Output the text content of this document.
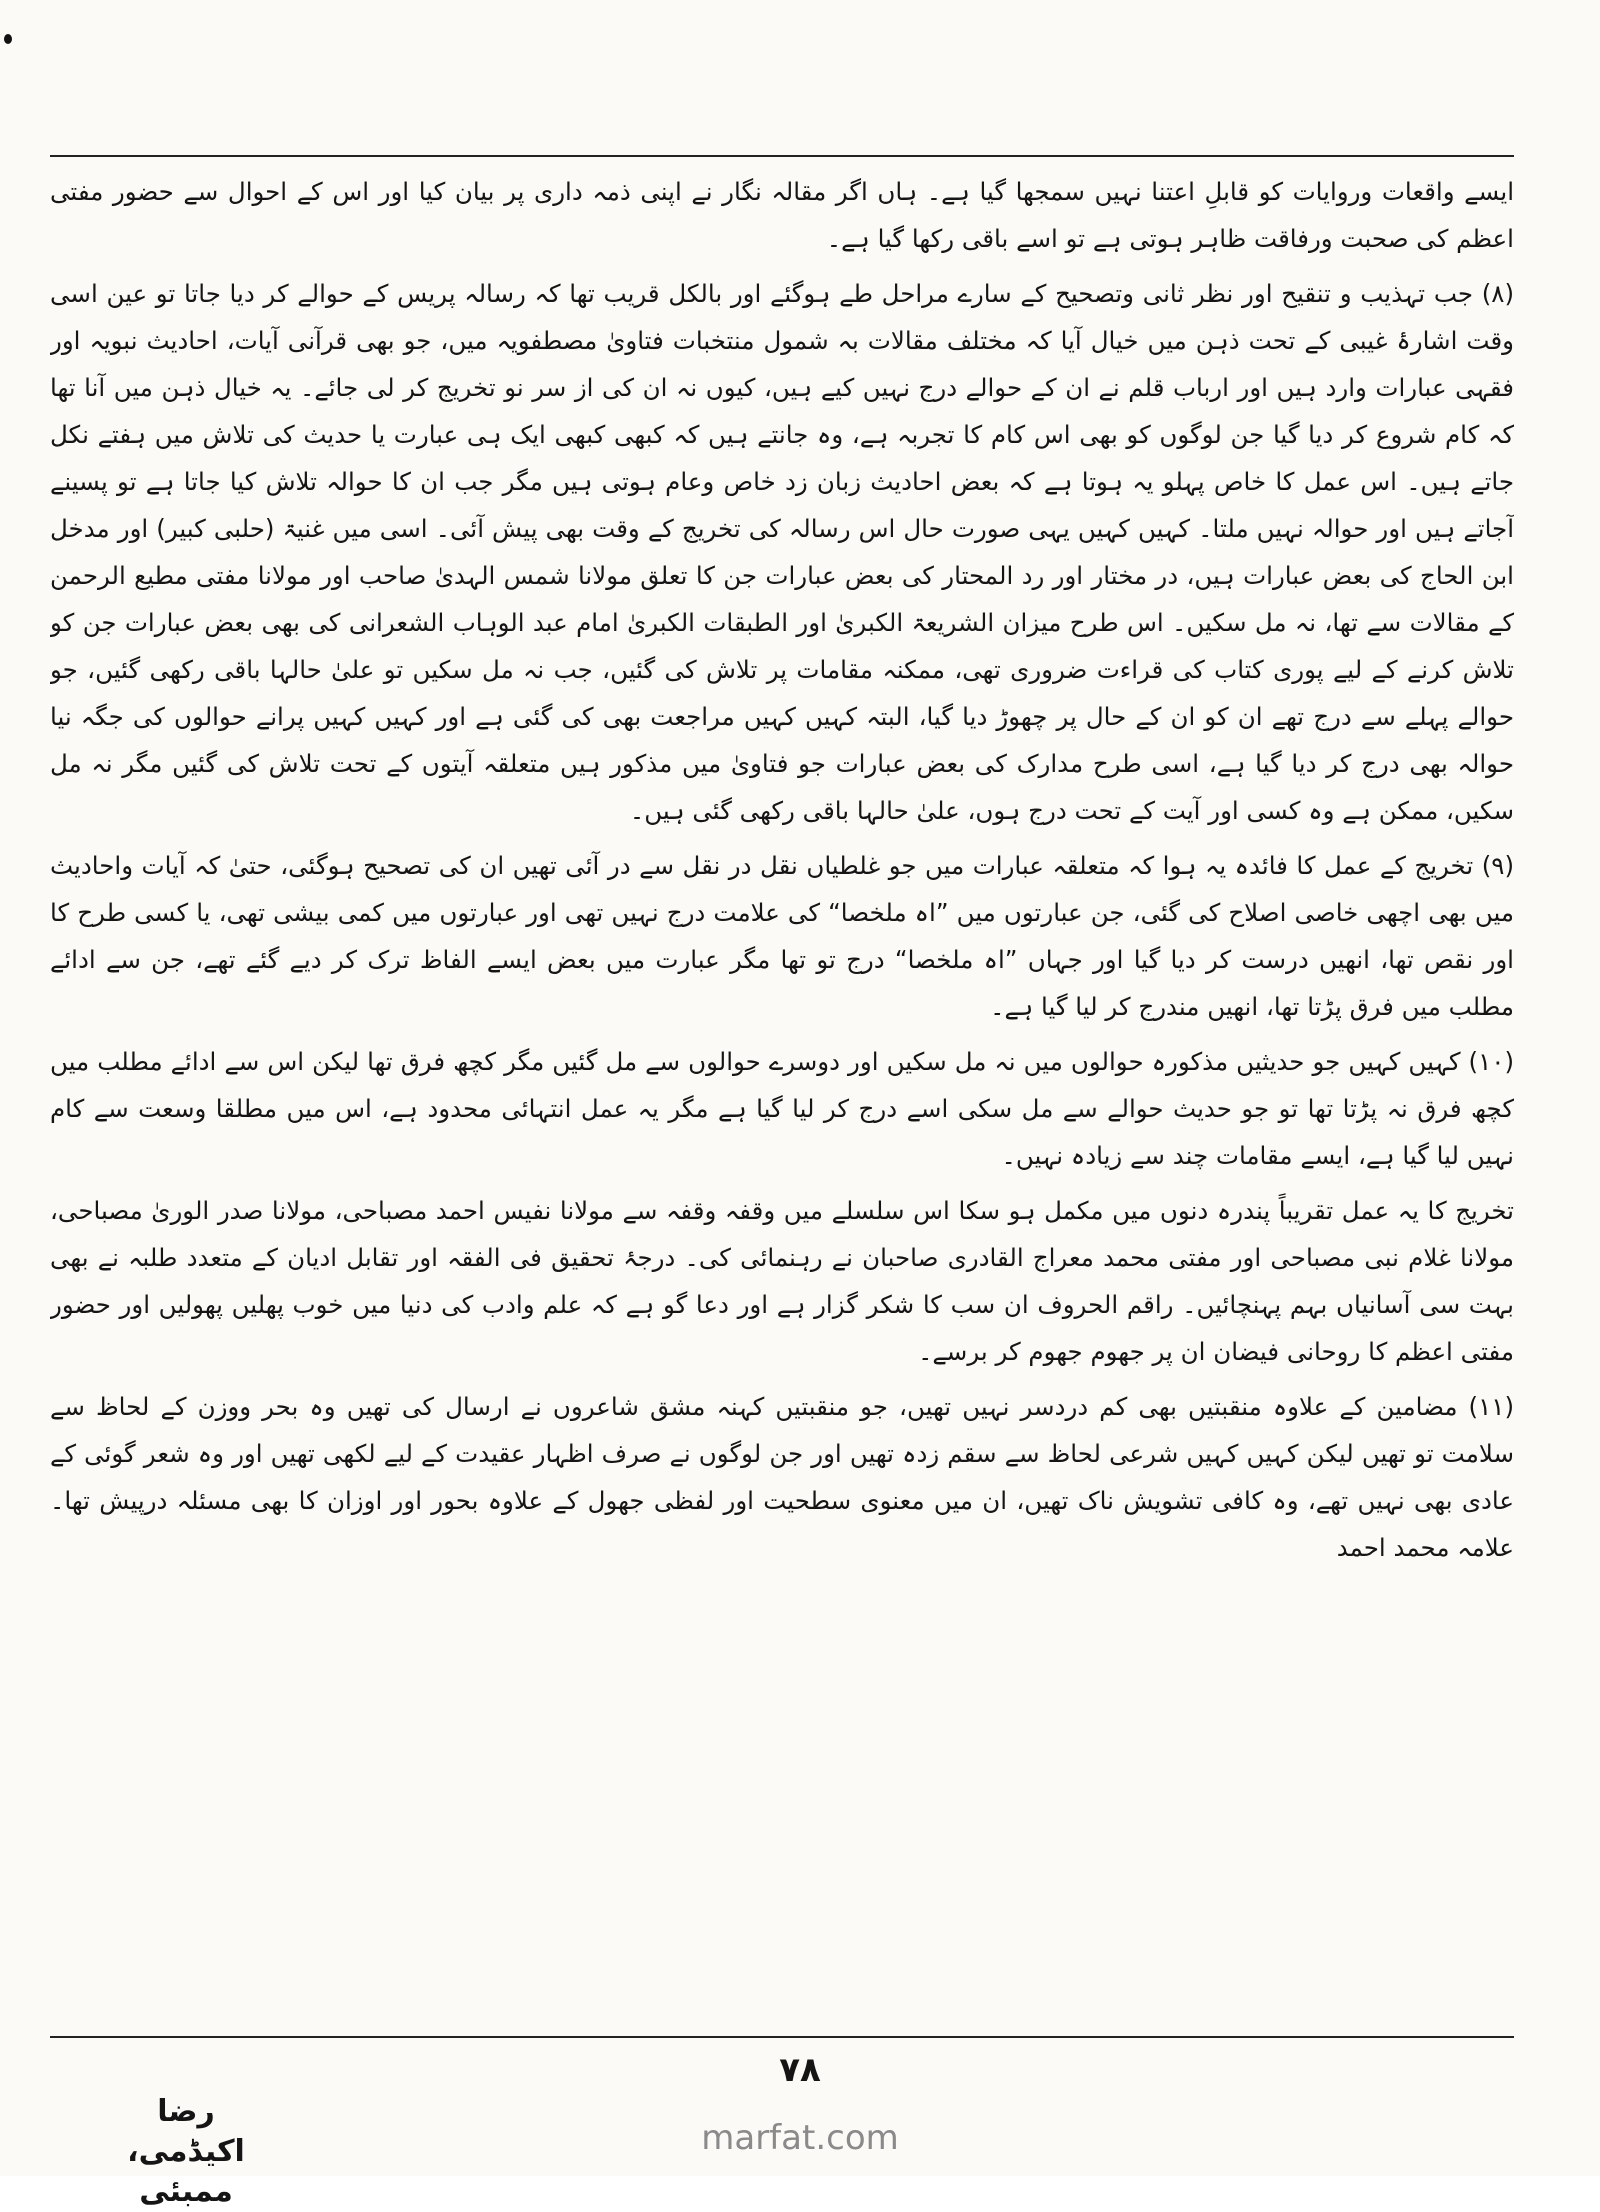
ایسے واقعات وروایات کو قابلِ اعتنا نہیں سمجھا گیا ہے۔ ہاں اگر مقالہ نگار نے اپنی ذمہ داری پر بیان کیا اور اس کے احوال سے حضور مفتی اعظم کی صحبت ورفاقت ظاہر ہوتی ہے تو اسے باقی رکھا گیا ہے۔

(۸) جب تہذیب و تنقیح اور نظر ثانی وتصحیح کے سارے مراحل طے ہوگئے اور بالکل قریب تھا کہ رسالہ پریس کے حوالے کر دیا جاتا تو عین اسی وقت اشارۂ غیبی کے تحت ذہن میں خیال آیا کہ مختلف مقالات بہ شمول منتخبات فتاویٰ مصطفویہ میں، جو بھی قرآنی آیات، احادیث نبویہ اور فقہی عبارات وارد ہیں اور ارباب قلم نے ان کے حوالے درج نہیں کیے ہیں، کیوں نہ ان کی از سر نو تخریج کر لی جائے۔ یہ خیال ذہن میں آنا تھا کہ کام شروع کر دیا گیا جن لوگوں کو بھی اس کام کا تجربہ ہے، وہ جانتے ہیں کہ کبھی کبھی ایک ہی عبارت یا حدیث کی تلاش میں ہفتے نکل جاتے ہیں۔ اس عمل کا خاص پہلو یہ ہوتا ہے کہ بعض احادیث زبان زد خاص وعام ہوتی ہیں مگر جب ان کا حوالہ تلاش کیا جاتا ہے تو پسینے آجاتے ہیں اور حوالہ نہیں ملتا۔ کہیں کہیں یہی صورت حال اس رسالہ کی تخریج کے وقت بھی پیش آئی۔ اسی میں غنیۃ (حلبی کبیر) اور مدخل ابن الحاج کی بعض عبارات ہیں، در مختار اور رد المحتار کی بعض عبارات جن کا تعلق مولانا شمس الہدیٰ صاحب اور مولانا مفتی مطیع الرحمن کے مقالات سے تھا، نہ مل سکیں۔ اس طرح میزان الشریعۃ الکبریٰ اور الطبقات الکبریٰ امام عبد الوہاب الشعرانی کی بھی بعض عبارات جن کو تلاش کرنے کے لیے پوری کتاب کی قراءت ضروری تھی، ممکنہ مقامات پر تلاش کی گئیں، جب نہ مل سکیں تو علیٰ حالہا باقی رکھی گئیں، جو حوالے پہلے سے درج تھے ان کو ان کے حال پر چھوڑ دیا گیا، البتہ کہیں کہیں مراجعت بھی کی گئی ہے اور کہیں کہیں پرانے حوالوں کی جگہ نیا حوالہ بھی درج کر دیا گیا ہے، اسی طرح مدارک کی بعض عبارات جو فتاویٰ میں مذکور ہیں متعلقہ آیتوں کے تحت تلاش کی گئیں مگر نہ مل سکیں، ممکن ہے وہ کسی اور آیت کے تحت درج ہوں، علیٰ حالہا باقی رکھی گئی ہیں۔

(۹) تخریج کے عمل کا فائدہ یہ ہوا کہ متعلقہ عبارات میں جو غلطیاں نقل در نقل سے در آئی تھیں ان کی تصحیح ہوگئی، حتیٰ کہ آیات واحادیث میں بھی اچھی خاصی اصلاح کی گئی، جن عبارتوں میں ”اہ ملخصا“ کی علامت درج نہیں تھی اور عبارتوں میں کمی بیشی تھی، یا کسی طرح کا اور نقص تھا، انھیں درست کر دیا گیا اور جہاں ”اہ ملخصا“ درج تو تھا مگر عبارت میں بعض ایسے الفاظ ترک کر دیے گئے تھے، جن سے ادائے مطلب میں فرق پڑتا تھا، انھیں مندرج کر لیا گیا ہے۔

(۱۰) کہیں کہیں جو حدیثیں مذکورہ حوالوں میں نہ مل سکیں اور دوسرے حوالوں سے مل گئیں مگر کچھ فرق تھا لیکن اس سے ادائے مطلب میں کچھ فرق نہ پڑتا تھا تو جو حدیث حوالے سے مل سکی اسے درج کر لیا گیا ہے مگر یہ عمل انتہائی محدود ہے، اس میں مطلقا وسعت سے کام نہیں لیا گیا ہے، ایسے مقامات چند سے زیادہ نہیں۔

تخریج کا یہ عمل تقریباً پندرہ دنوں میں مکمل ہو سکا اس سلسلے میں وقفہ وقفہ سے مولانا نفیس احمد مصباحی، مولانا صدر الوریٰ مصباحی، مولانا غلام نبی مصباحی اور مفتی محمد معراج القادری صاحبان نے رہنمائی کی۔ درجۂ تحقیق فی الفقہ اور تقابل ادیان کے متعدد طلبہ نے بھی بہت سی آسانیاں بہم پہنچائیں۔ راقم الحروف ان سب کا شکر گزار ہے اور دعا گو ہے کہ علم وادب کی دنیا میں خوب پھلیں پھولیں اور حضور مفتی اعظم کا روحانی فیضان ان پر جھوم جھوم کر برسے۔

(۱۱) مضامین کے علاوہ منقبتیں بھی کم دردسر نہیں تھیں، جو منقبتیں کہنہ مشق شاعروں نے ارسال کی تھیں وہ بحر ووزن کے لحاظ سے سلامت تو تھیں لیکن کہیں کہیں شرعی لحاظ سے سقم زدہ تھیں اور جن لوگوں نے صرف اظہار عقیدت کے لیے لکھی تھیں اور وہ شعر گوئی کے عادی بھی نہیں تھے، وہ کافی تشویش ناک تھیں، ان میں معنوی سطحیت اور لفظی جھول کے علاوہ بحور اور اوزان کا بھی مسئلہ درپیش تھا۔ علامہ محمد احمد

۷۸
رضا اکیڈمی، ممبئی
marfat.com
